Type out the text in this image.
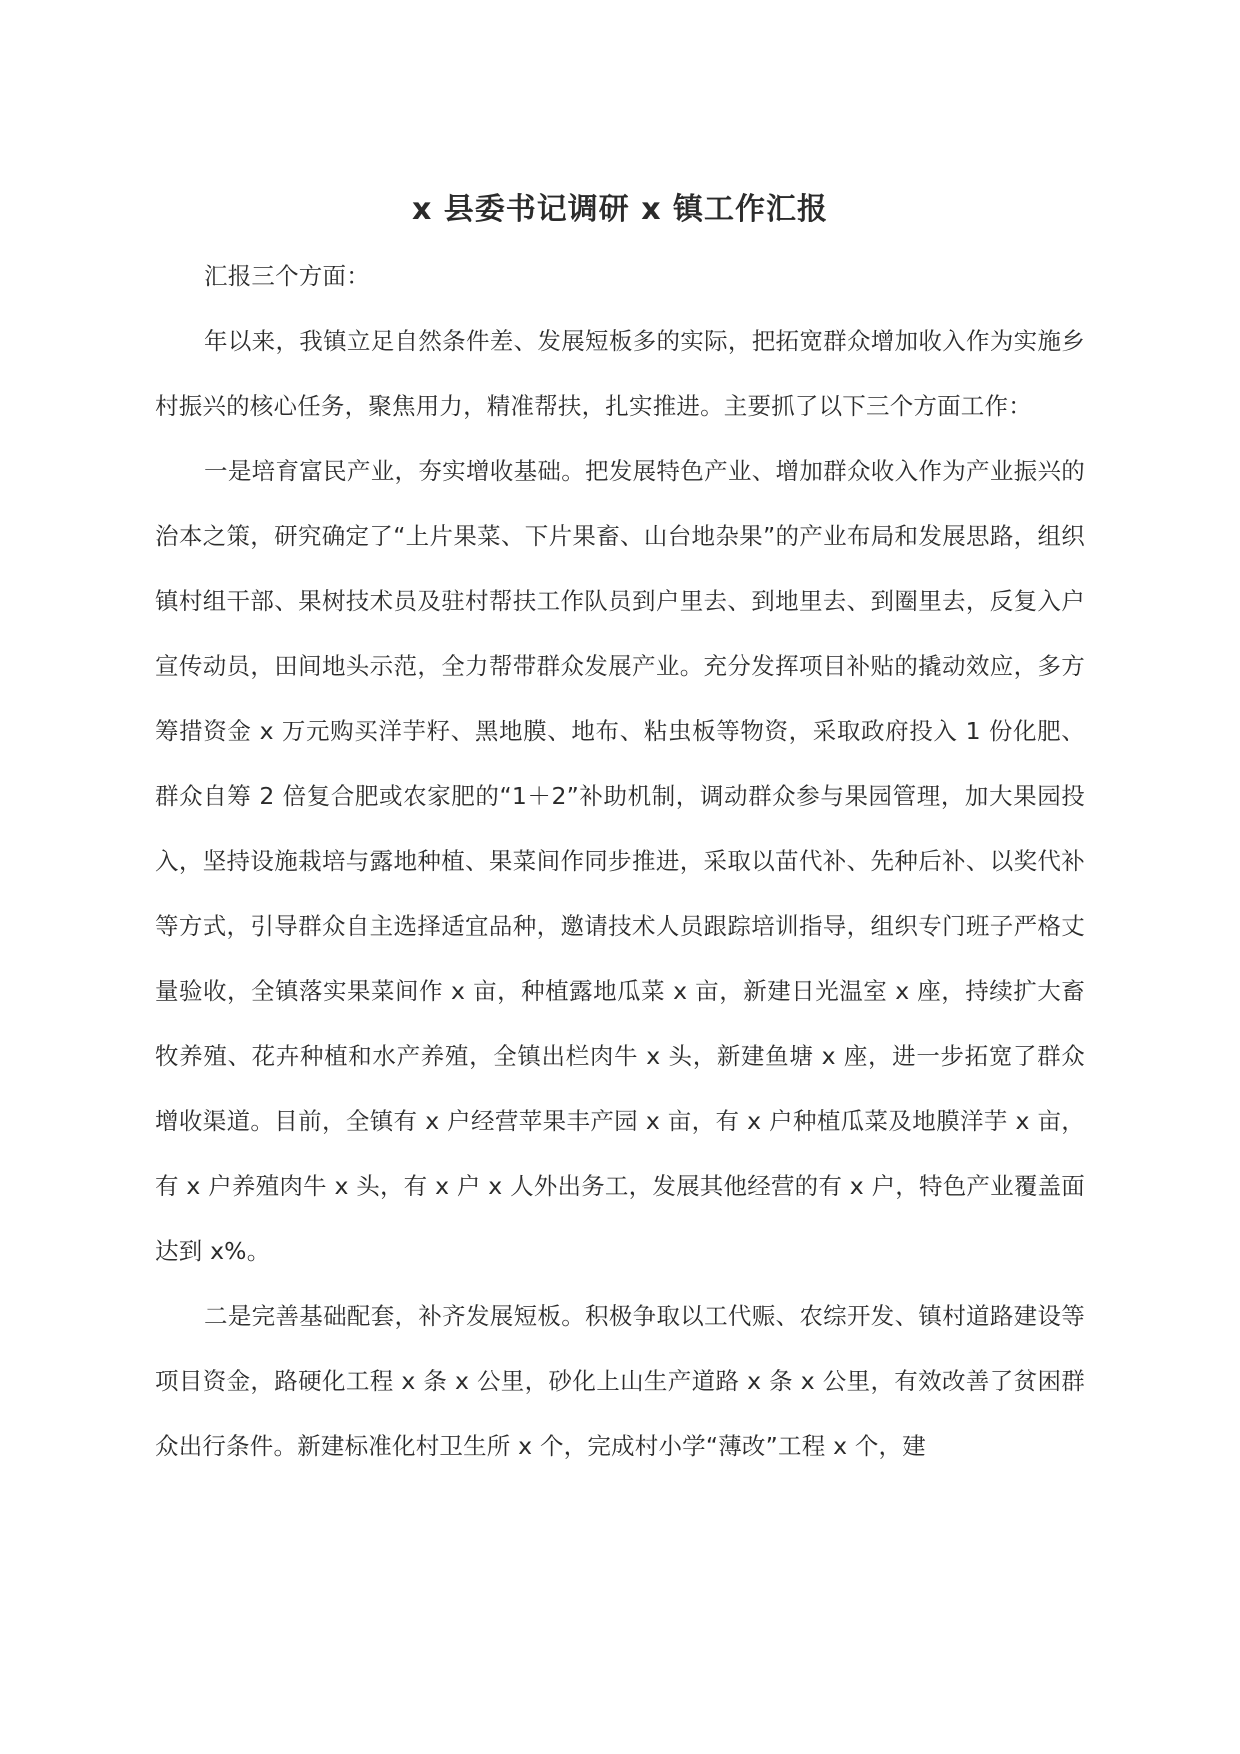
x 县委书记调研 x 镇工作汇报

汇报三个方面：

年以来，我镇立足自然条件差、发展短板多的实际，把拓宽群众增加收入作为实施乡村振兴的核心任务，聚焦用力，精准帮扶，扎实推进。主要抓了以下三个方面工作：

一是培育富民产业，夯实增收基础。把发展特色产业、增加群众收入作为产业振兴的治本之策，研究确定了“上片果菜、下片果畜、山台地杂果”的产业布局和发展思路，组织镇村组干部、果树技术员及驻村帮扶工作队员到户里去、到地里去、到圈里去，反复入户宣传动员，田间地头示范，全力帮带群众发展产业。充分发挥项目补贴的撬动效应，多方筹措资金 x 万元购买洋芋籽、黑地膜、地布、粘虫板等物资，采取政府投入 1 份化肥、群众自筹 2 倍复合肥或农家肥的“1＋2”补助机制，调动群众参与果园管理，加大果园投入，坚持设施栽培与露地种植、果菜间作同步推进，采取以苗代补、先种后补、以奖代补等方式，引导群众自主选择适宜品种，邀请技术人员跟踪培训指导，组织专门班子严格丈量验收，全镇落实果菜间作 x 亩，种植露地瓜菜 x 亩，新建日光温室 x 座，持续扩大畜牧养殖、花卉种植和水产养殖，全镇出栏肉牛 x 头，新建鱼塘 x 座，进一步拓宽了群众增收渠道。目前，全镇有 x 户经营苹果丰产园 x 亩，有 x 户种植瓜菜及地膜洋芋 x 亩，有 x 户养殖肉牛 x 头，有 x 户 x 人外出务工，发展其他经营的有 x 户，特色产业覆盖面达到 x%。

二是完善基础配套，补齐发展短板。积极争取以工代赈、农综开发、镇村道路建设等项目资金，路硬化工程 x 条 x 公里，砂化上山生产道路 x 条 x 公里，有效改善了贫困群众出行条件。新建标准化村卫生所 x 个，完成村小学“薄改”工程 x 个，建
